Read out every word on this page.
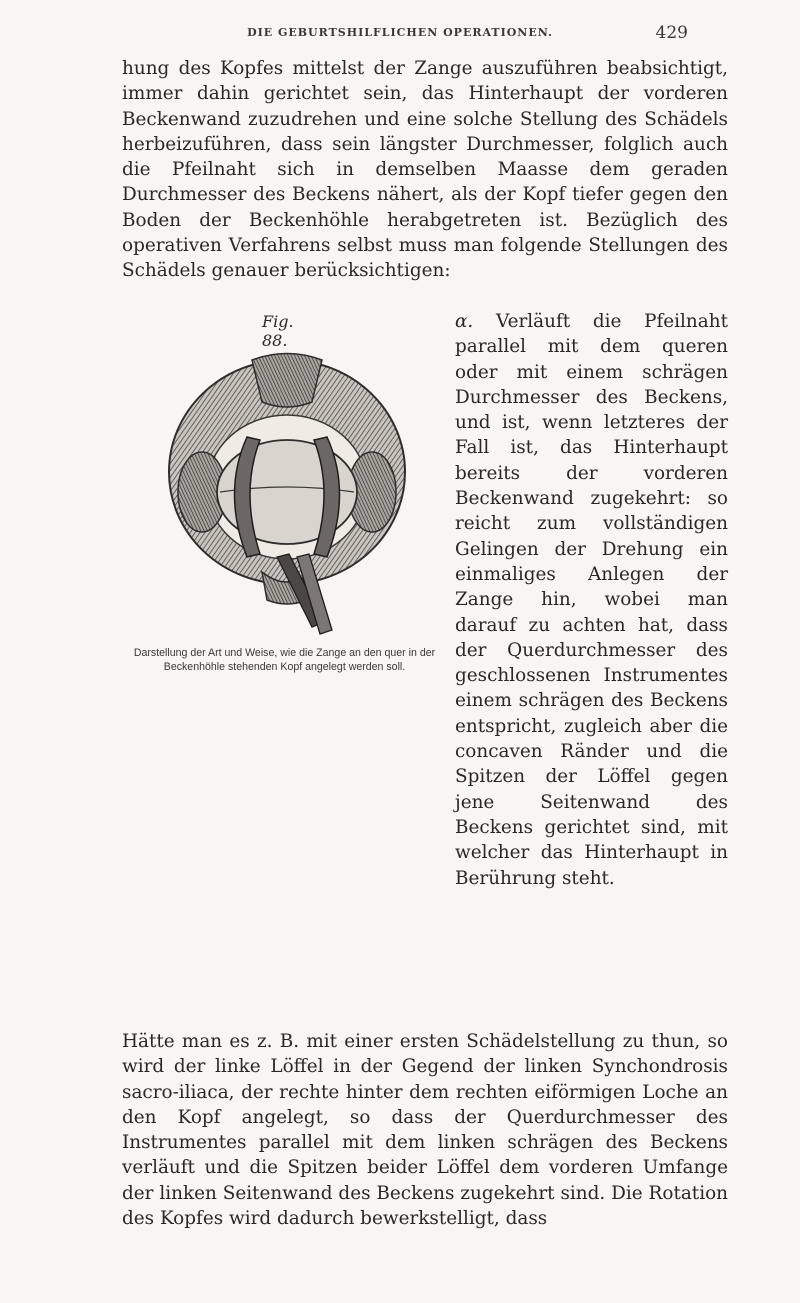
DIE GEBURTSHILFLICHEN OPERATIONEN.	429

hung des Kopfes mittelst der Zange auszuführen beabsichtigt, immer dahin gerichtet sein, das Hinterhaupt der vorderen Beckenwand zuzudrehen und eine solche Stellung des Schädels herbeizuführen, dass sein längster Durchmesser, folglich auch die Pfeilnaht sich in demselben Maasse dem geraden Durchmesser des Beckens nähert, als der Kopf tiefer gegen den Boden der Beckenhöhle herabgetreten ist. Bezüglich des operativen Verfahrens selbst muss man folgende Stellungen des Schädels genauer berücksichtigen:

Fig. 88.
Darstellung der Art und Weise, wie die Zange an den quer in der Beckenhöhle stehenden Kopf angelegt werden soll.

α. Verläuft die Pfeilnaht parallel mit dem queren oder mit einem schrägen Durchmesser des Beckens, und ist, wenn letzteres der Fall ist, das Hinterhaupt bereits der vorderen Beckenwand zugekehrt: so reicht zum vollständigen Gelingen der Drehung ein einmaliges Anlegen der Zange hin, wobei man darauf zu achten hat, dass der Querdurchmesser des geschlossenen Instrumentes einem schrägen des Beckens entspricht, zugleich aber die concaven Ränder und die Spitzen der Löffel gegen jene Seitenwand des Beckens gerichtet sind, mit welcher das Hinterhaupt in Berührung steht.

Hätte man es z. B. mit einer ersten Schädelstellung zu thun, so wird der linke Löffel in der Gegend der linken Synchondrosis sacro-iliaca, der rechte hinter dem rechten eiförmigen Loche an den Kopf angelegt, so dass der Querdurchmesser des Instrumentes parallel mit dem linken schrägen des Beckens verläuft und die Spitzen beider Löffel dem vorderen Umfange der linken Seitenwand des Beckens zugekehrt sind. Die Rotation des Kopfes wird dadurch bewerkstelligt, dass
